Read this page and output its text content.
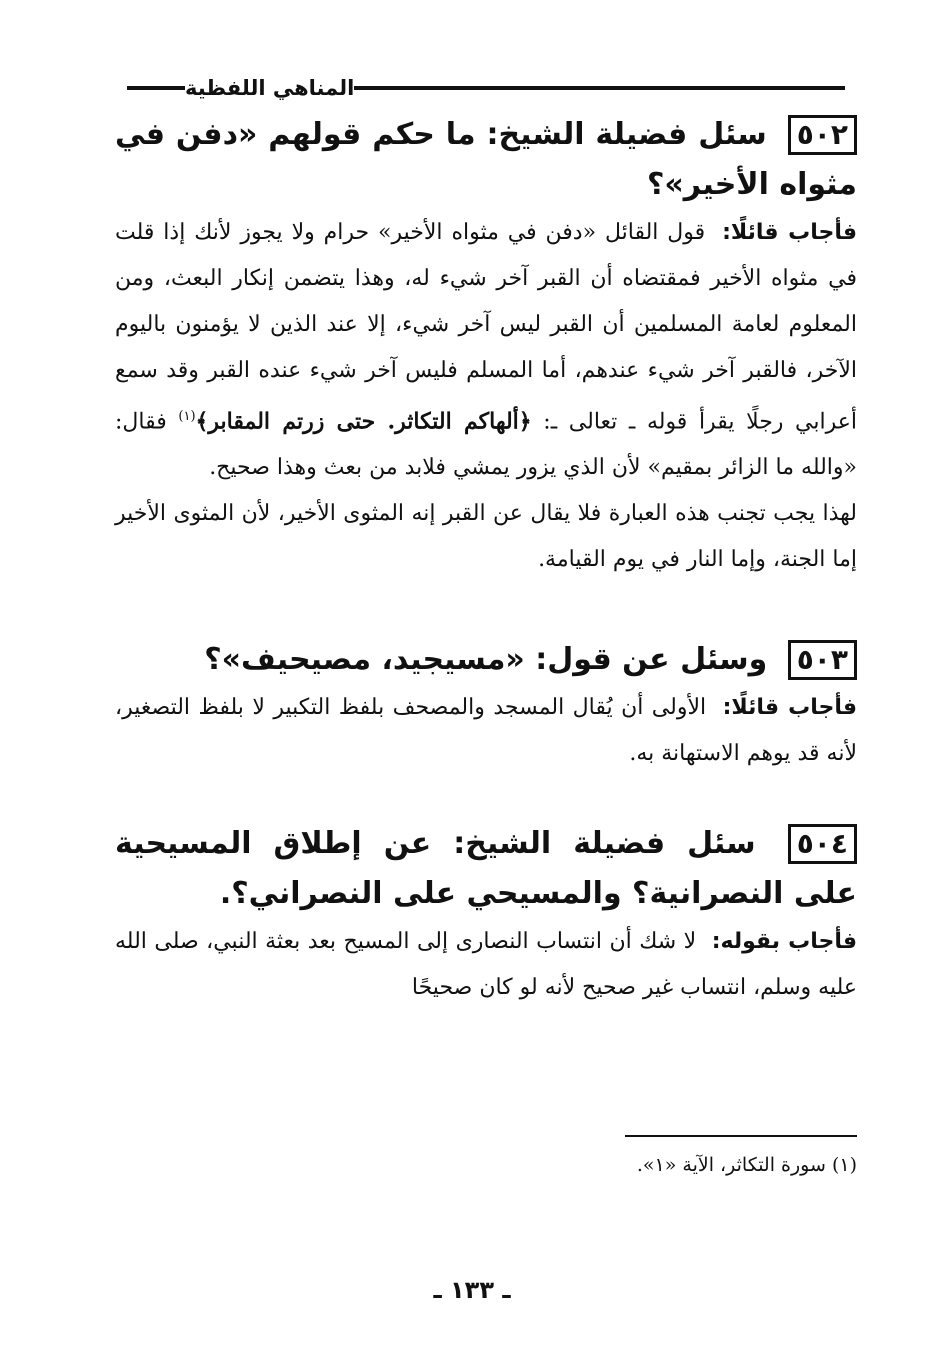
المناهي اللفظية

٥٠٢ سئل فضيلة الشيخ: ما حكم قولهم «دفن في مثواه الأخير»؟

فأجاب قائلًا: قول القائل «دفن في مثواه الأخير» حرام ولا يجوز لأنك إذا قلت في مثواه الأخير فمقتضاه أن القبر آخر شيء له، وهذا يتضمن إنكار البعث، ومن المعلوم لعامة المسلمين أن القبر ليس آخر شيء، إلا عند الذين لا يؤمنون باليوم الآخر، فالقبر آخر شيء عندهم، أما المسلم فليس آخر شيء عنده القبر وقد سمع أعرابي رجلًا يقرأ قوله ـ تعالى ـ: ﴿ألهاكم التكاثر. حتى زرتم المقابر﴾$^{(١)}$ فقال: «والله ما الزائر بمقيم» لأن الذي يزور يمشي فلابد من بعث وهذا صحيح.

لهذا يجب تجنب هذه العبارة فلا يقال عن القبر إنه المثوى الأخير، لأن المثوى الأخير إما الجنة، وإما النار في يوم القيامة.

٥٠٣ وسئل عن قول: «مسيجيد، مصيحيف»؟

فأجاب قائلًا: الأولى أن يُقال المسجد والمصحف بلفظ التكبير لا بلفظ التصغير، لأنه قد يوهم الاستهانة به.

٥٠٤ سئل فضيلة الشيخ: عن إطلاق المسيحية على النصرانية؟ والمسيحي على النصراني؟.

فأجاب بقوله: لا شك أن انتساب النصارى إلى المسيح بعد بعثة النبي، صلى الله عليه وسلم، انتساب غير صحيح لأنه لو كان صحيحًا

(١) سورة التكاثر، الآية «١».
ـ ١٣٣ ـ
